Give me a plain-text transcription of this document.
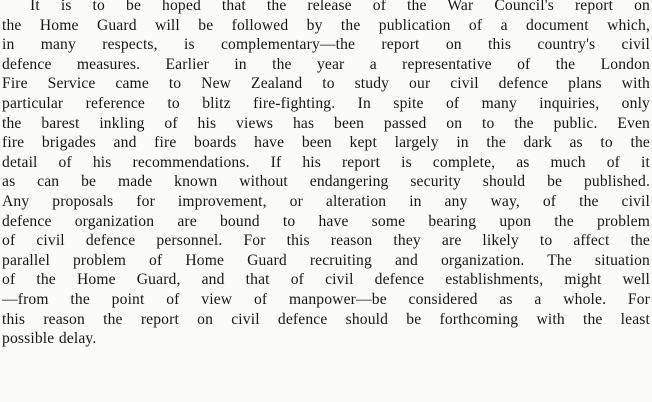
It is to be hoped that the release of the War Council's report on
the Home Guard will be followed by the publication of a document which,
in many respects, is complementary—the report on this country's civil
defence measures. Earlier in the year a representative of the London
Fire Service came to New Zealand to study our civil defence plans with
particular reference to blitz fire-fighting. In spite of many inquiries, only
the barest inkling of his views has been passed on to the public. Even
fire brigades and fire boards have been kept largely in the dark as to the
detail of his recommendations. If his report is complete, as much of it
as can be made known without endangering security should be published.
Any proposals for improvement, or alteration in any way, of the civil
defence organization are bound to have some bearing upon the problem
of civil defence personnel. For this reason they are likely to affect the
parallel problem of Home Guard recruiting and organization. The situation
of the Home Guard, and that of civil defence establishments, might well
—from the point of view of manpower—be considered as a whole. For
this reason the report on civil defence should be forthcoming with the least
possible delay.
